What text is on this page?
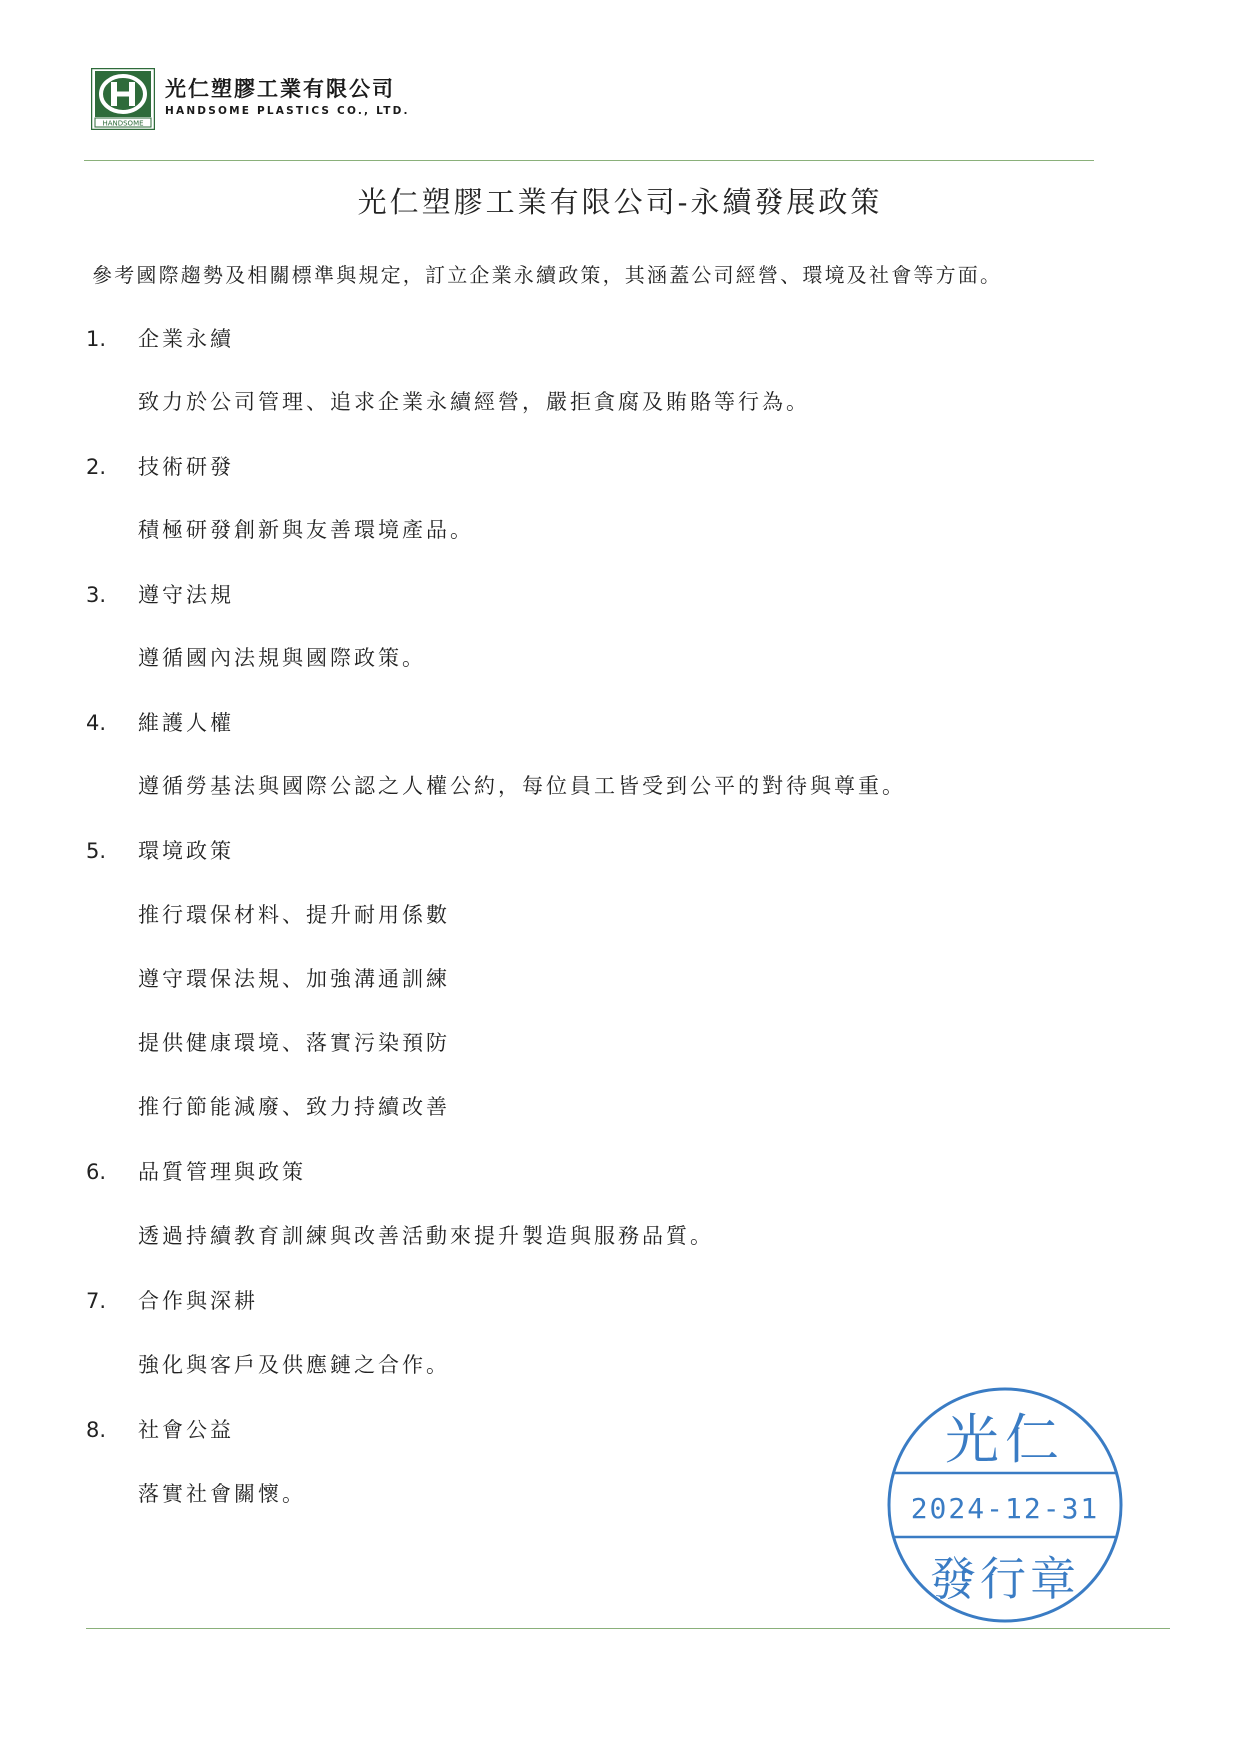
HANDSOME
光仁塑膠工業有限公司
HANDSOME PLASTICS CO., LTD.
光仁塑膠工業有限公司-永續發展政策
參考國際趨勢及相關標準與規定，訂立企業永續政策，其涵蓋公司經營、環境及社會等方面。
1. 企業永續
致力於公司管理、追求企業永續經營，嚴拒貪腐及賄賂等行為。
2. 技術研發
積極研發創新與友善環境產品。
3. 遵守法規
遵循國內法規與國際政策。
4. 維護人權
遵循勞基法與國際公認之人權公約，每位員工皆受到公平的對待與尊重。
5. 環境政策
推行環保材料、提升耐用係數
遵守環保法規、加強溝通訓練
提供健康環境、落實污染預防
推行節能減廢、致力持續改善
6. 品質管理與政策
透過持續教育訓練與改善活動來提升製造與服務品質。
7. 合作與深耕
強化與客戶及供應鏈之合作。
8. 社會公益
落實社會關懷。
光仁
2024-12-31
發行章
